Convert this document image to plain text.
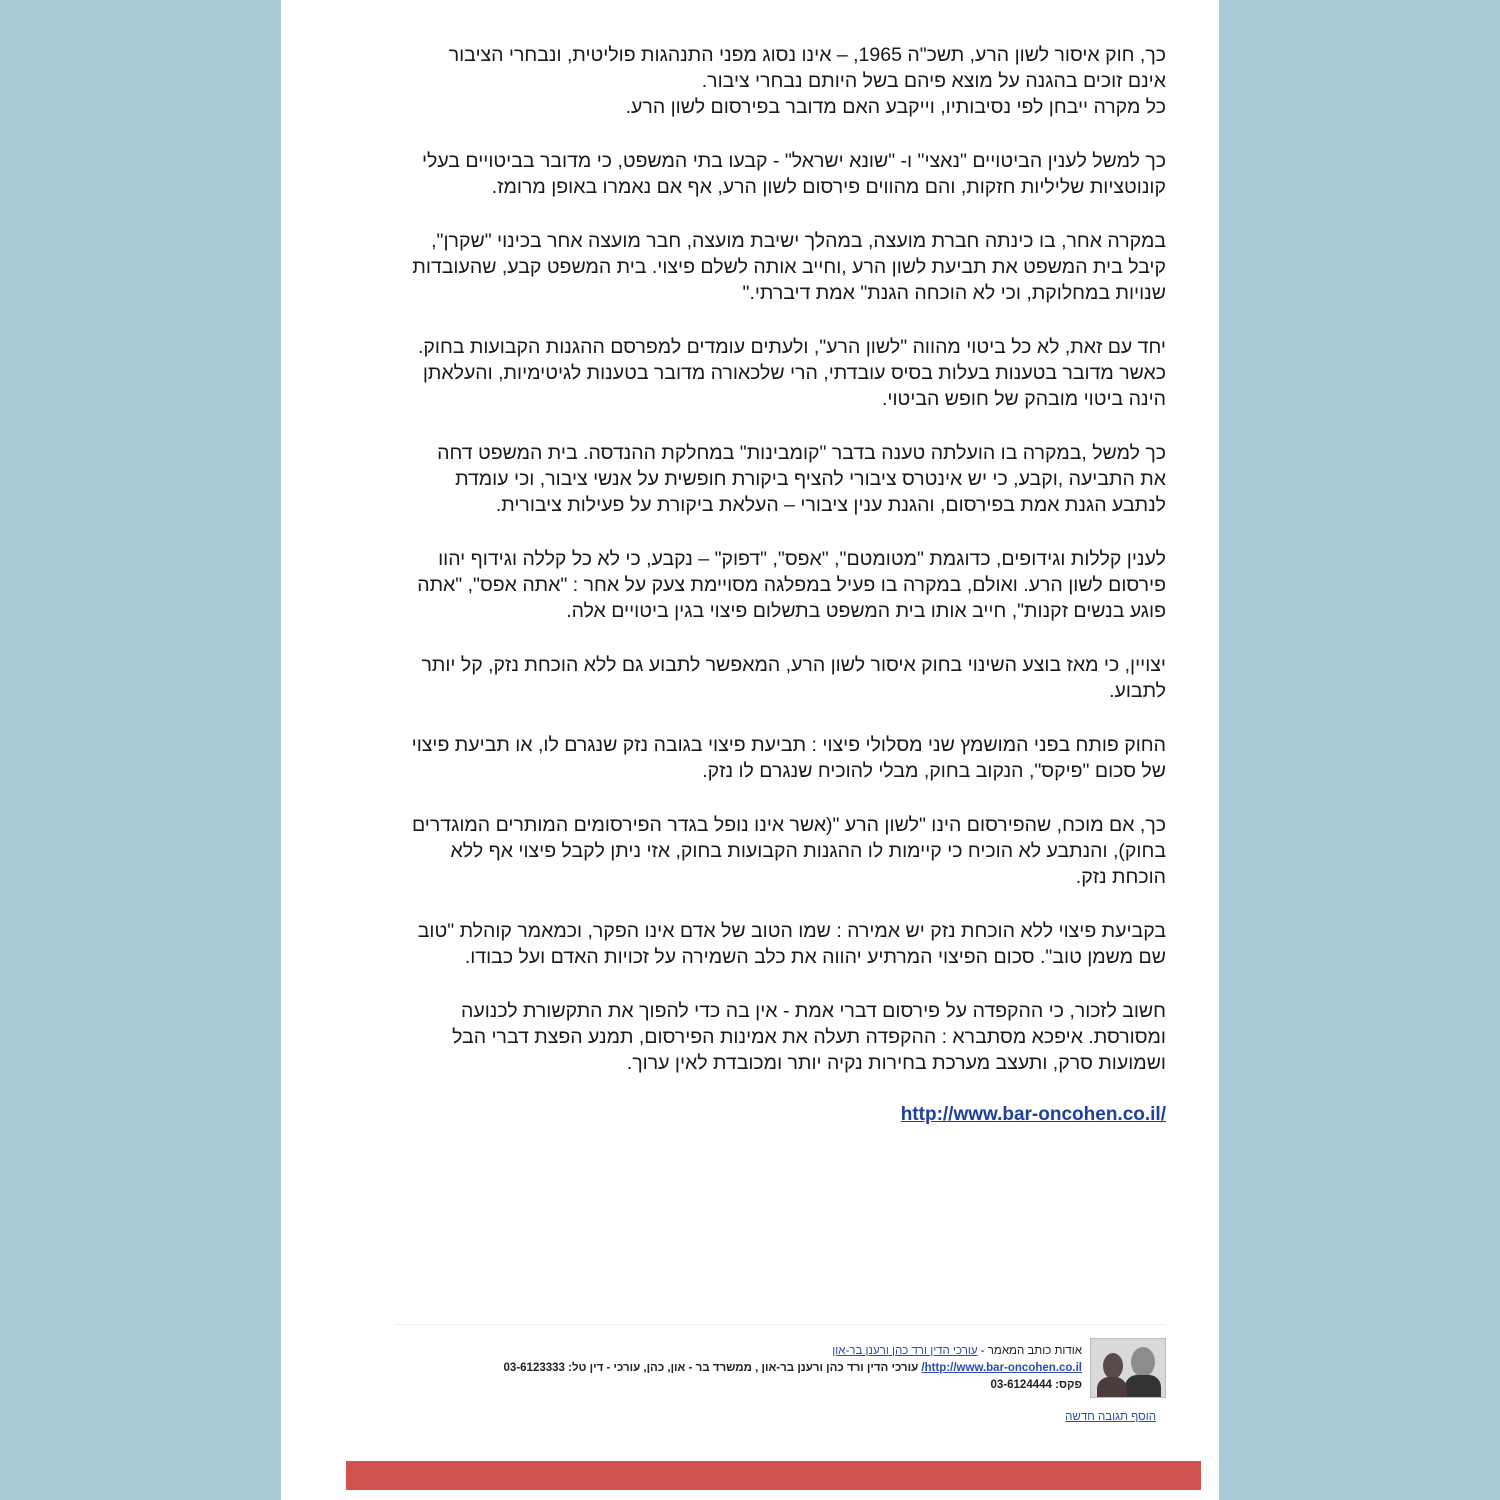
כך, חוק איסור לשון הרע, תשכ"ה 1965, – אינו נסוג מפני התנהגות פוליטית, ונבחרי הציבור
אינם זוכים בהגנה על מוצא פיהם בשל היותם נבחרי ציבור.
כל מקרה ייבחן לפי נסיבותיו, וייקבע האם מדובר בפירסום לשון הרע.

כך למשל לענין הביטויים "נאצי" ו- "שונא ישראל" - קבעו בתי המשפט, כי מדובר בביטויים בעלי
קונוטציות שליליות חזקות, והם מהווים פירסום לשון הרע, אף אם נאמרו באופן מרומז.

במקרה אחר, בו כינתה חברת מועצה, במהלך ישיבת מועצה, חבר מועצה אחר בכינוי "שקרן",
קיבל בית המשפט את תביעת לשון הרע ,וחייב אותה לשלם פיצוי. בית המשפט קבע, שהעובדות
שנויות במחלוקת, וכי לא הוכחה הגנת" אמת דיברתי."

יחד עם זאת, לא כל ביטוי מהווה "לשון הרע", ולעתים עומדים למפרסם ההגנות הקבועות בחוק.
כאשר מדובר בטענות בעלות בסיס עובדתי, הרי שלכאורה מדובר בטענות לגיטימיות, והעלאתן
הינה ביטוי מובהק של חופש הביטוי.

כך למשל ,במקרה בו הועלתה טענה בדבר "קומבינות" במחלקת ההנדסה. בית המשפט דחה
את התביעה ,וקבע, כי יש אינטרס ציבורי להציף ביקורת חופשית על אנשי ציבור, וכי עומדת
לנתבע הגנת אמת בפירסום, והגנת ענין ציבורי – העלאת ביקורת על פעילות ציבורית.

לענין קללות וגידופים, כדוגמת "מטומטם", "אפס", "דפוק" – נקבע, כי לא כל קללה וגידוף יהוו
פירסום לשון הרע. ואולם, במקרה בו פעיל במפלגה מסויימת צעק על אחר : "אתה אפס", "אתה
פוגע בנשים זקנות", חייב אותו בית המשפט בתשלום פיצוי בגין ביטויים אלה.

יצויין, כי מאז בוצע השינוי בחוק איסור לשון הרע, המאפשר לתבוע גם ללא הוכחת נזק, קל יותר
לתבוע.

החוק פותח בפני המושמץ שני מסלולי פיצוי : תביעת פיצוי בגובה נזק שנגרם לו, או תביעת פיצוי
של סכום "פיקס", הנקוב בחוק, מבלי להוכיח שנגרם לו נזק.

כך, אם מוכח, שהפירסום הינו "לשון הרע "(אשר אינו נופל בגדר הפירסומים המותרים המוגדרים
בחוק), והנתבע לא הוכיח כי קיימות לו ההגנות הקבועות בחוק, אזי ניתן לקבל פיצוי אף ללא
הוכחת נזק.

בקביעת פיצוי ללא הוכחת נזק יש אמירה : שמו הטוב של אדם אינו הפקר, וכמאמר קוהלת "טוב
שם משמן טוב". סכום הפיצוי המרתיע יהווה את כלב השמירה על זכויות האדם ועל כבודו.

חשוב לזכור, כי ההקפדה על פירסום דברי אמת - אין בה כדי להפוך את התקשורת לכנועה
ומסורסת. איפכא מסתברא : ההקפדה תעלה את אמינות הפירסום, תמנע הפצת דברי הבל
ושמועות סרק, ותעצב מערכת בחירות נקיה יותר ומכובדת לאין ערוך.

http://www.bar-oncohen.co.il/
אודות כותב המאמר - עורכי הדין ורד כהן ורענן בר-און
http://www.bar-oncohen.co.il/ עורכי הדין ורד כהן ורענן בר-און , ממשרד בר - און, כהן, עורכי - דין טל: 03-6123333
פקס: 03-6124444
הוסף תגובה חדשה
